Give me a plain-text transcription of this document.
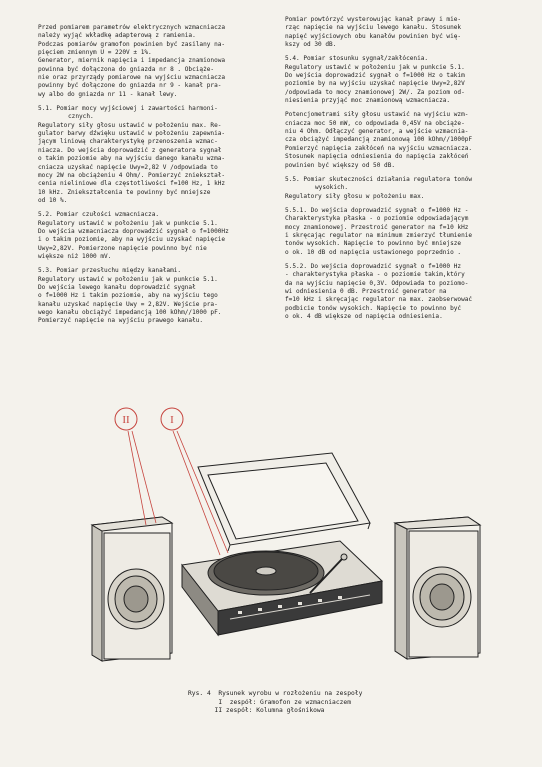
Przed pomiarem parametrów elektrycznych wzmacniacza
należy wyjąć wkładkę adapterową z ramienia.
Podczas pomiarów gramofon powinien być zasilany na-
pięciem zmiennym U = 220V ± 1%.
Generator, miernik napięcia i impedancja znamionowa
powinna być dołączona do gniazda nr 8 . Obciąże-
nie oraz przyrządy pomiarowe na wyjściu wzmacniacza
powinny być dołączone do gniazda nr 9 - kanał pra-
wy albo do gniazda nr 11 - kanał lewy.
5.1. Pomiar mocy wyjściowej i zawartości harmoni-
cznych.
Regulatory siły głosu ustawić w położeniu max. Re-
gulator barwy dźwięku ustawić w położeniu zapewnia-
jącym liniową charakterystykę przenoszenia wzmac-
niacza. Do wejścia doprowadzić z generatora sygnał
o takim poziomie aby na wyjściu danego kanału wzma-
cniacza uzyskać napięcie Uwy=2,82 V /odpowiada to
mocy 2W na obciążeniu 4 Ohm/. Pomierzyć zniekształ-
cenia nieliniowe dla częstotliwości f=100 Hz, 1 kHz
10 kHz. Zniekształcenia te powinny być mniejsze
od 10 %.
5.2. Pomiar czułości wzmacniacza.
Regulatory ustawić w położeniu jak w punkcie 5.1.
Do wejścia wzmacniacza doprowadzić sygnał o f=1000Hz
i o takim poziomie, aby na wyjściu uzyskać napięcie
Uwy=2,82V. Pomierzone napięcie powinno być nie
większe niż 1000 mV.
5.3. Pomiar przesłuchu między kanałami.
Regulatory ustawić w położeniu jak w punkcie 5.1.
Do wejścia lewego kanału doprowadzić sygnał
o f=1000 Hz i takim poziomie, aby na wyjściu tego
kanału uzyskać napięcie Uwy = 2,82V. Wejście pra-
wego kanału obciążyć impedancją 100 kOhm//1000 pF.
Pomierzyć napięcie na wyjściu prawego kanału.
Pomiar powtórzyć wysterowując kanał prawy i mie-
rząc napięcie na wyjściu lewego kanału. Stosunek
napięć wyjściowych obu kanałów powinien być wię-
kszy od 30 dB.
5.4. Pomiar stosunku sygnał/zakłócenia.
Regulatory ustawić w położeniu jak w punkcie 5.1.
Do wejścia doprowadzić sygnał o f=1000 Hz o takim
poziomie by na wyjściu uzyskać napięcie Uwy=2,82V
/odpowiada to mocy znamionowej 2W/. Za poziom od-
niesienia przyjąć moc znamionową wzmacniacza.
Potencjometrami siły głosu ustawić na wyjściu wzm-
cniacza moc 50 mW, co odpowiada 0,45V na obciąże-
niu 4 Ohm. Odłączyć generator, a wejście wzmacnia-
cza obciążyć impedancją znamionową 100 kOhm//1000pF
Pomierzyć napięcia zakłóceń na wyjściu wzmacniacza.
Stosunek napięcia odniesienia do napięcia zakłóceń
powinien być większy od 50 dB.
5.5. Pomiar skuteczności działania regulatora tonów
wysokich.
Regulatory siły głosu w położeniu max.
5.5.1. Do wejścia doprowadzić sygnał o f=1000 Hz -
Charakterystyka płaska - o poziomie odpowiadającym
mocy znamionowej. Przestroić generator na f=10 kHz
i skręcając regulator na minimum zmierzyć tłumienie
tonów wysokich. Napięcie to powinno być mniejsze
o ok. 10 dB od napięcia ustawionego poprzednio .
5.5.2. Do wejścia doprowadzić sygnał o f=1000 Hz
- charakterystyka płaska - o poziomie takim,który
da na wyjściu napięcie 0,3V. Odpowiada to poziomo-
wi odniesienia 0 dB. Przestroić generator na
f=10 kHz i skręcając regulator na max. zaobserwować
podbicie tonów wysokich. Napięcie to powinno być
o ok. 4 dB większe od napięcia odniesienia.
II	I
Rys. 4  Rysunek wyrobu w rozłożeniu na zespoły
I  zespół: Gramofon ze wzmacniaczem
II zespół: Kolumna głośnikowa
